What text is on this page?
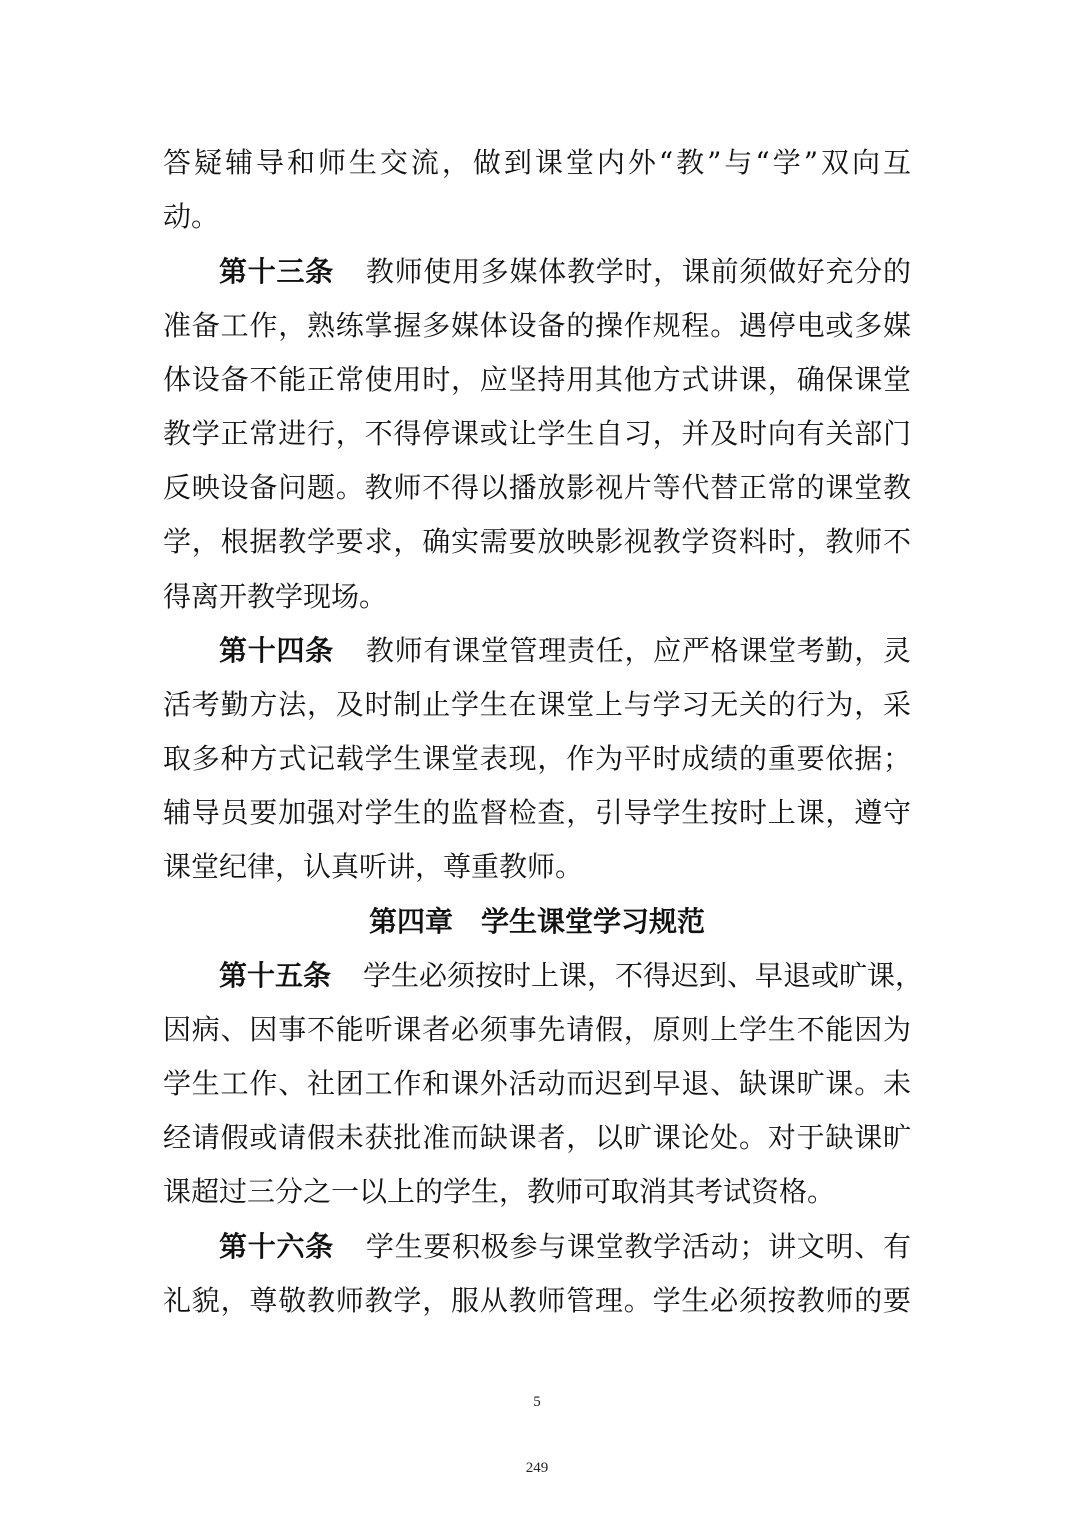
答疑辅导和师生交流，做到课堂内外“教”与“学”双向互
动。
第十三条 教师使用多媒体教学时，课前须做好充分的
准备工作，熟练掌握多媒体设备的操作规程。遇停电或多媒
体设备不能正常使用时，应坚持用其他方式讲课，确保课堂
教学正常进行，不得停课或让学生自习，并及时向有关部门
反映设备问题。教师不得以播放影视片等代替正常的课堂教
学，根据教学要求，确实需要放映影视教学资料时，教师不
得离开教学现场。
第十四条 教师有课堂管理责任，应严格课堂考勤，灵
活考勤方法，及时制止学生在课堂上与学习无关的行为，采
取多种方式记载学生课堂表现，作为平时成绩的重要依据；
辅导员要加强对学生的监督检查，引导学生按时上课，遵守
课堂纪律，认真听讲，尊重教师。
第四章　学生课堂学习规范
第十五条 学生必须按时上课，不得迟到、早退或旷课，
因病、因事不能听课者必须事先请假，原则上学生不能因为
学生工作、社团工作和课外活动而迟到早退、缺课旷课。未
经请假或请假未获批准而缺课者，以旷课论处。对于缺课旷
课超过三分之一以上的学生，教师可取消其考试资格。
第十六条 学生要积极参与课堂教学活动；讲文明、有
礼貌，尊敬教师教学，服从教师管理。学生必须按教师的要
5
249
